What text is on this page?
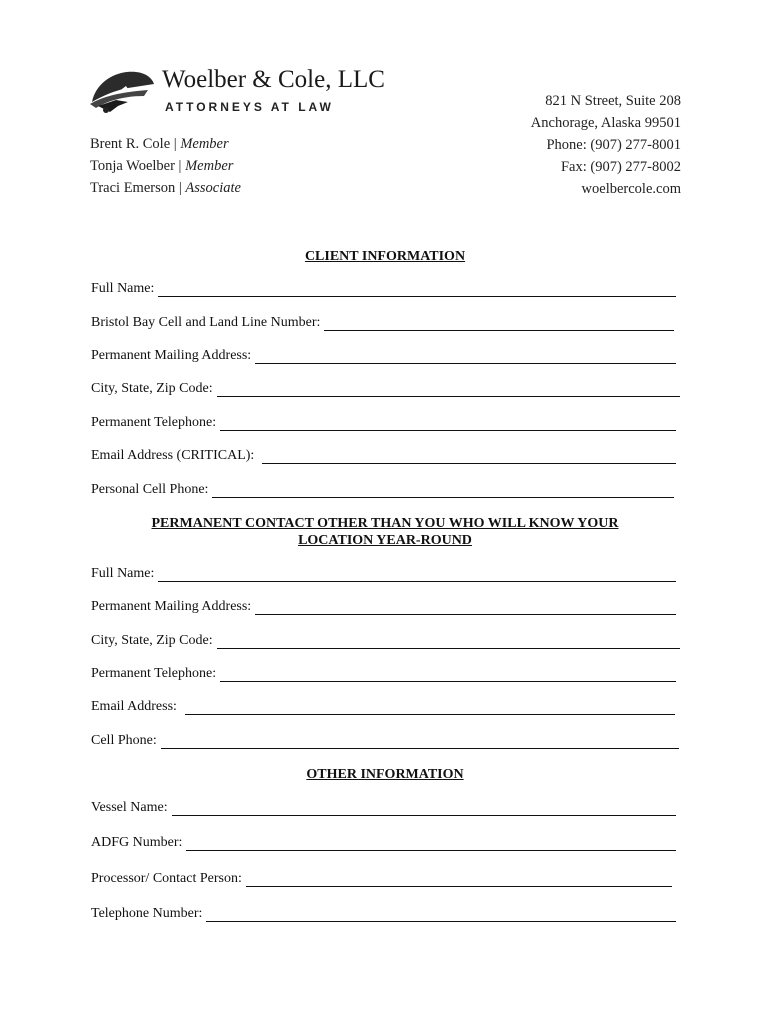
Woelber & Cole, LLC
ATTORNEYS AT LAW
Brent R. Cole | Member
Tonja Woelber | Member
Traci Emerson | Associate
821 N Street, Suite 208
Anchorage, Alaska 99501
Phone: (907) 277-8001
Fax: (907) 277-8002
woelbercole.com
CLIENT INFORMATION
Full Name:
Bristol Bay Cell and Land Line Number:
Permanent Mailing Address:
City, State, Zip Code:
Permanent Telephone:
Email Address (CRITICAL):
Personal Cell Phone:
PERMANENT CONTACT OTHER THAN YOU WHO WILL KNOW YOUR
LOCATION YEAR-ROUND
Full Name:
Permanent Mailing Address:
City, State, Zip Code:
Permanent Telephone:
Email Address:
Cell Phone:
OTHER INFORMATION
Vessel Name:
ADFG Number:
Processor/ Contact Person:
Telephone Number:
